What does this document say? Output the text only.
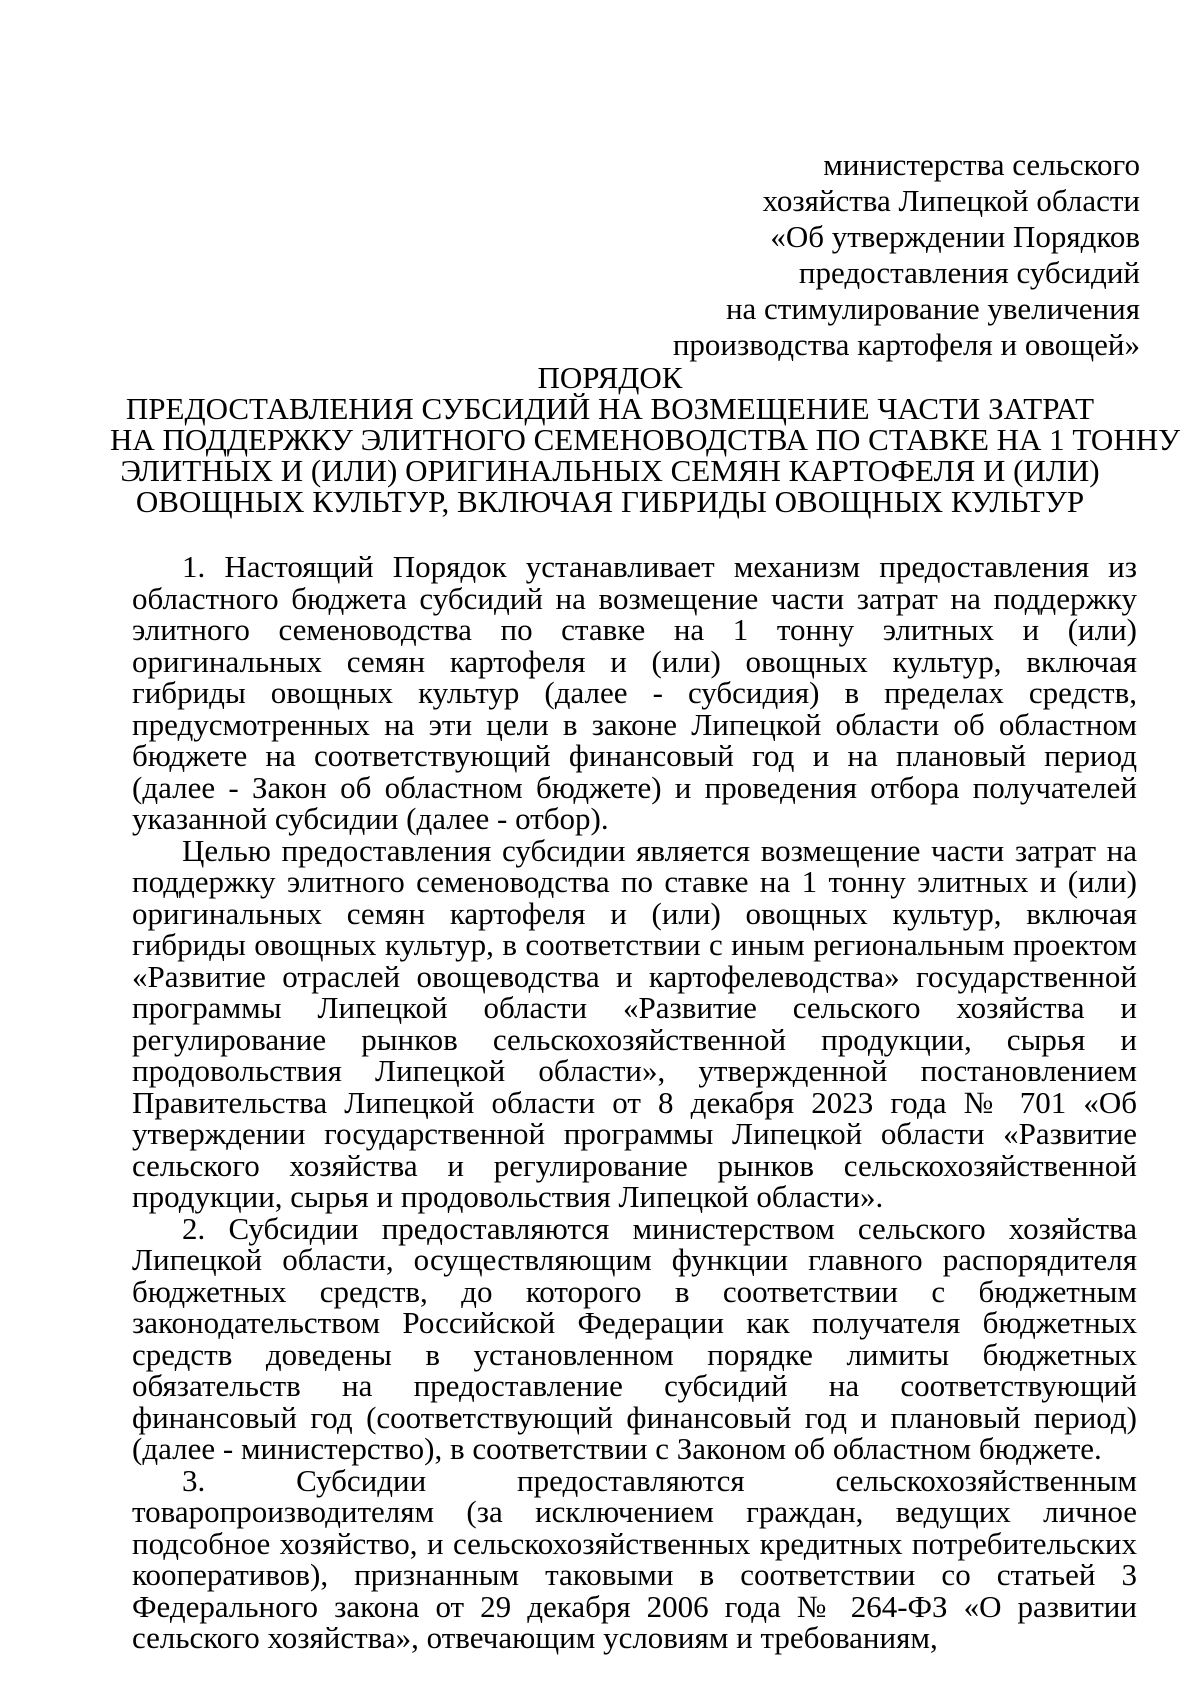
министерства сельского
хозяйства Липецкой области
«Об утверждении Порядков
предоставления субсидий
на стимулирование увеличения
производства картофеля и овощей»
ПОРЯДОК
ПРЕДОСТАВЛЕНИЯ СУБСИДИЙ НА ВОЗМЕЩЕНИЕ ЧАСТИ ЗАТРАТ
НА ПОДДЕРЖКУ ЭЛИТНОГО СЕМЕНОВОДСТВА ПО СТАВКЕ НА 1 ТОННУ
ЭЛИТНЫХ И (ИЛИ) ОРИГИНАЛЬНЫХ СЕМЯН КАРТОФЕЛЯ И (ИЛИ)
ОВОЩНЫХ КУЛЬТУР, ВКЛЮЧАЯ ГИБРИДЫ ОВОЩНЫХ КУЛЬТУР

1. Настоящий Порядок устанавливает механизм предоставления из областного бюджета субсидий на возмещение части затрат на поддержку элитного семеноводства по ставке на 1 тонну элитных и (или) оригинальных семян картофеля и (или) овощных культур, включая гибриды овощных культур (далее - субсидия) в пределах средств, предусмотренных на эти цели в законе Липецкой области об областном бюджете на соответствующий финансовый год и на плановый период (далее - Закон об областном бюджете) и проведения отбора получателей указанной субсидии (далее - отбор).

Целью предоставления субсидии является возмещение части затрат на поддержку элитного семеноводства по ставке на 1 тонну элитных и (или) оригинальных семян картофеля и (или) овощных культур, включая гибриды овощных культур, в соответствии с иным региональным проектом «Развитие отраслей овощеводства и картофелеводства» государственной программы Липецкой области «Развитие сельского хозяйства и регулирование рынков сельскохозяйственной продукции, сырья и продовольствия Липецкой области», утвержденной постановлением Правительства Липецкой области от 8 декабря 2023 года № 701 «Об утверждении государственной программы Липецкой области «Развитие сельского хозяйства и регулирование рынков сельскохозяйственной продукции, сырья и продовольствия Липецкой области».

2. Субсидии предоставляются министерством сельского хозяйства Липецкой области, осуществляющим функции главного распорядителя бюджетных средств, до которого в соответствии с бюджетным законодательством Российской Федерации как получателя бюджетных средств доведены в установленном порядке лимиты бюджетных обязательств на предоставление субсидий на соответствующий финансовый год (соответствующий финансовый год и плановый период) (далее - министерство), в соответствии с Законом об областном бюджете.

3. Субсидии предоставляются сельскохозяйственным товаропроизводителям (за исключением граждан, ведущих личное подсобное хозяйство, и сельскохозяйственных кредитных потребительских кооперативов), признанным таковыми в соответствии со статьей 3 Федерального закона от 29 декабря 2006 года № 264-ФЗ «О развитии сельского хозяйства», отвечающим условиям и требованиям,
